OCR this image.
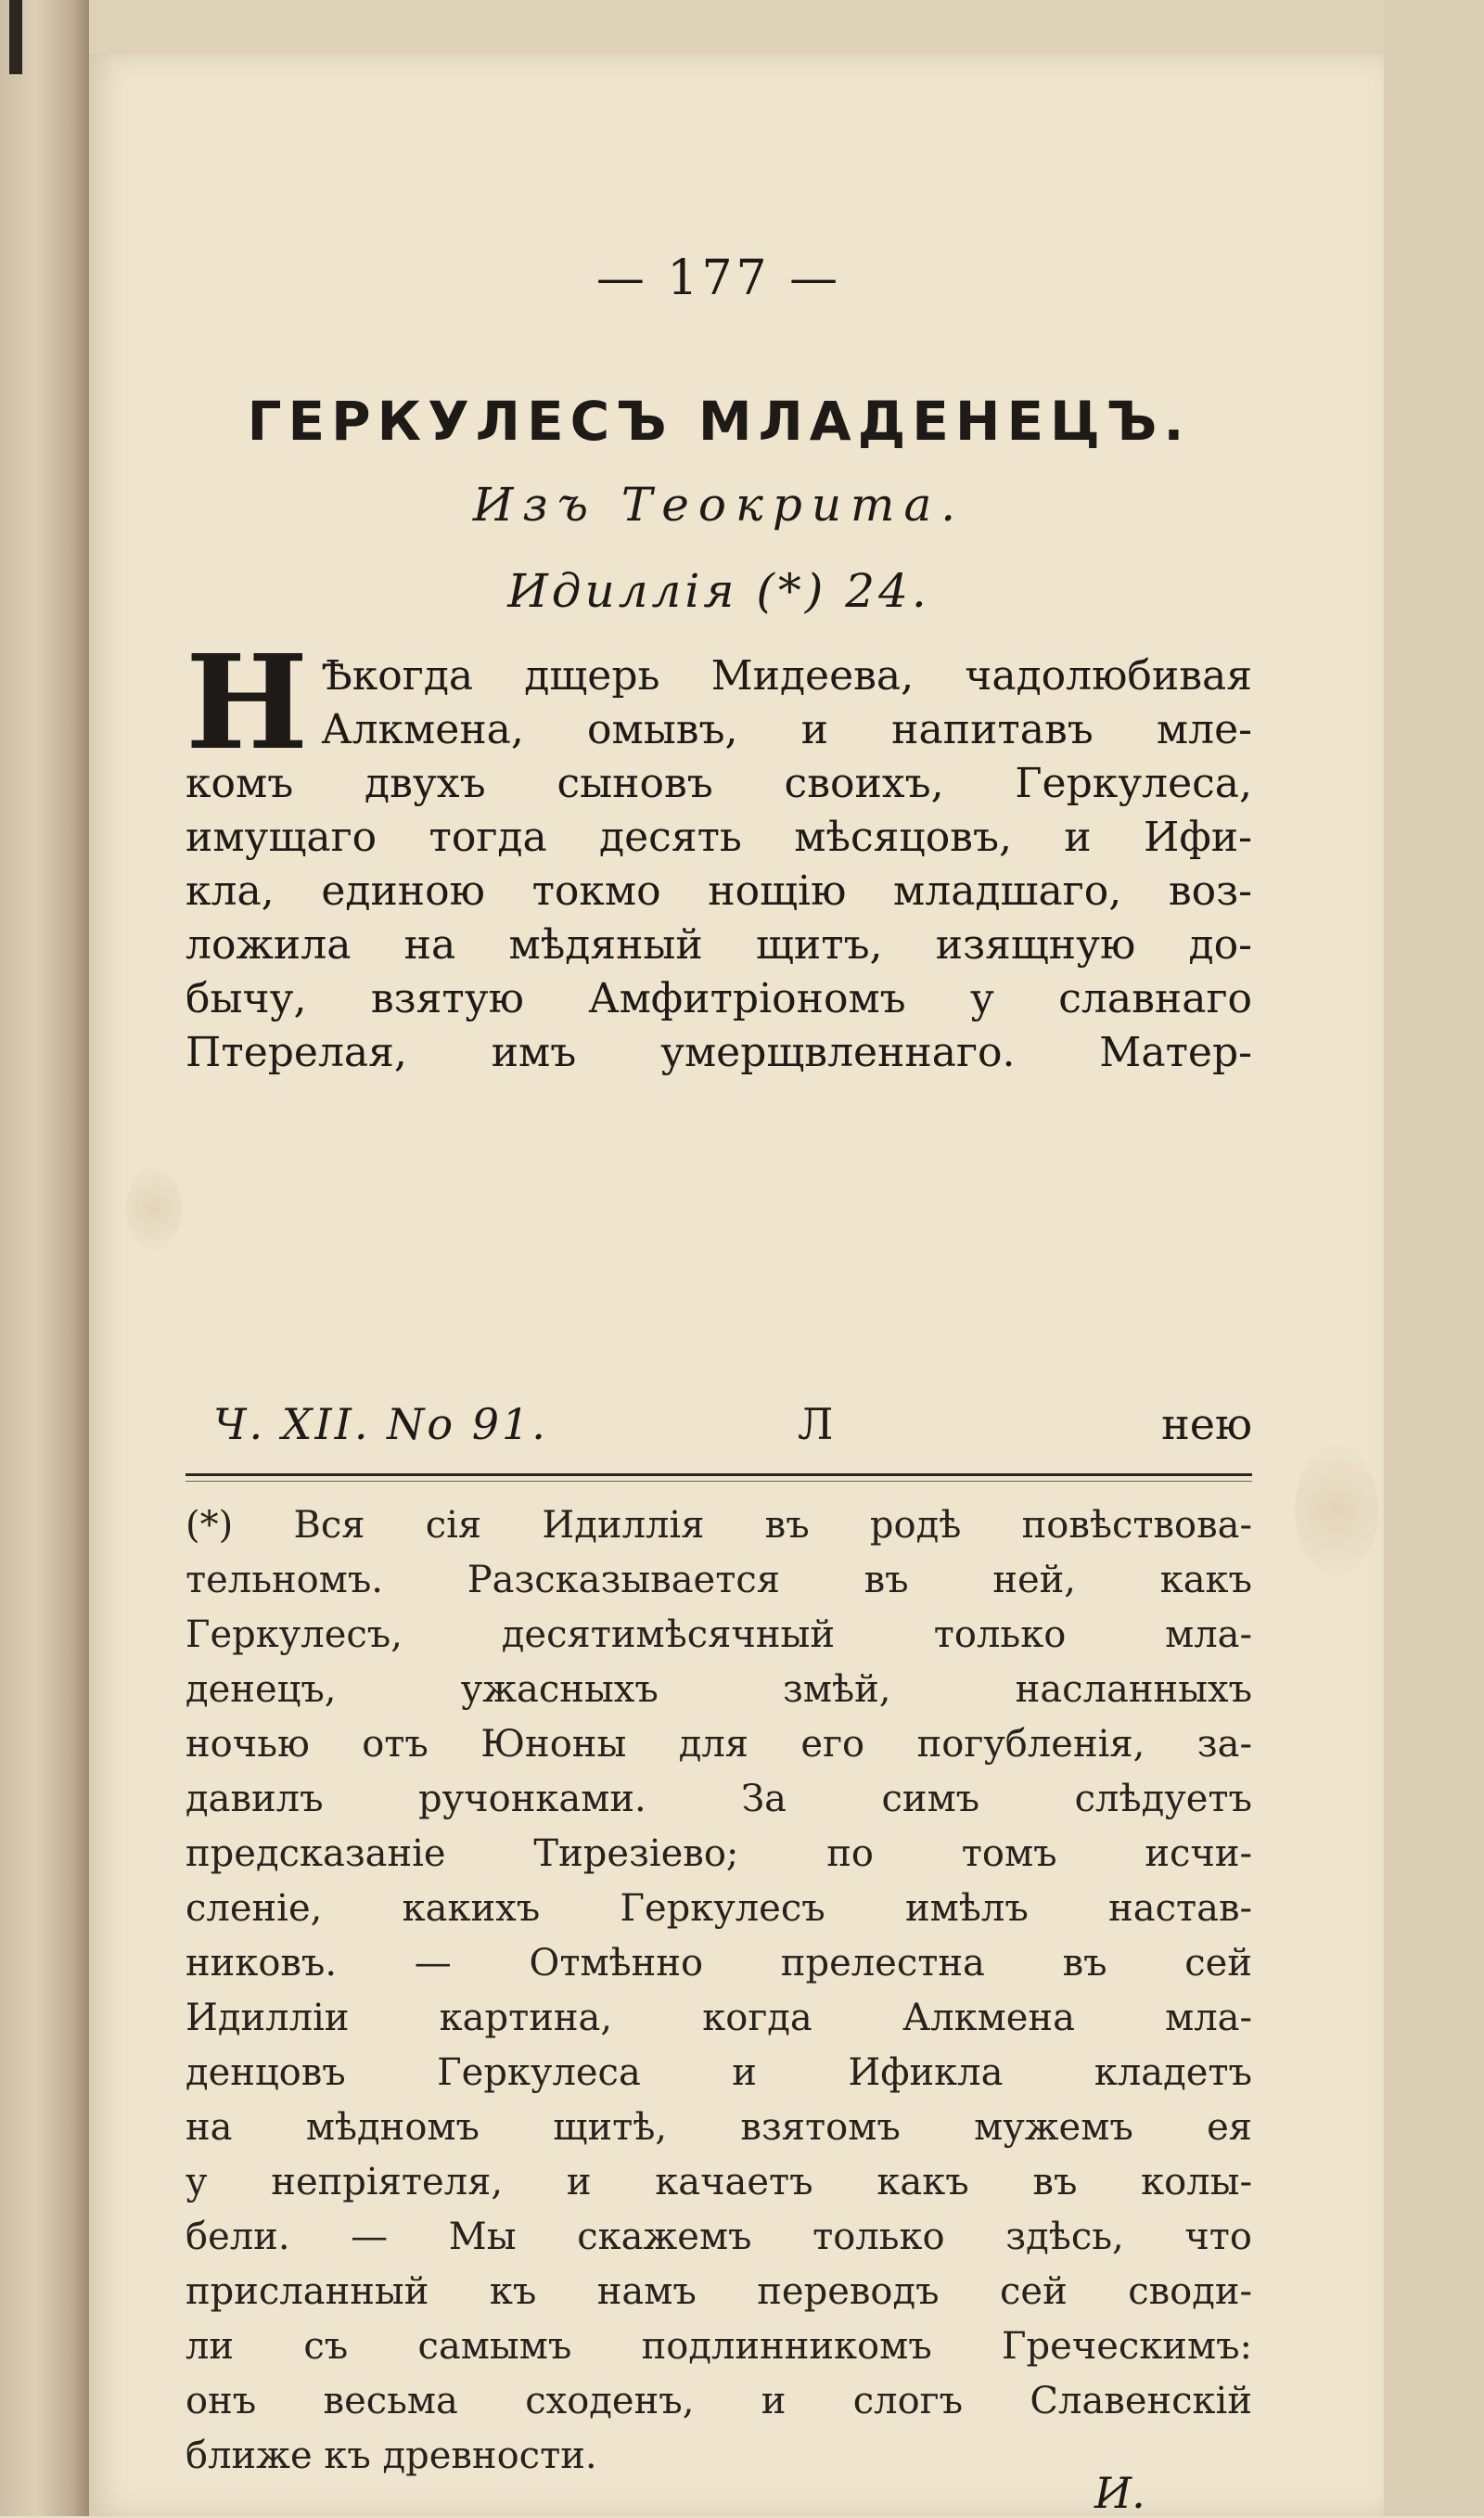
— 177 —
ГЕРКУЛЕСЪ МЛАДЕНЕЦЪ.
Изъ Теокрита.
Идиллія (*) 24.
Н Ѣкогда дщерь Мидеева, чадолюбивая
Алкмена, омывъ, и напитавъ мле-
комъ двухъ сыновъ своихъ, Геркулеса,
имущаго тогда десять мѣсяцовъ, и Ифи-
кла, единою токмо нощію младшаго, воз-
ложила на мѣдяный щитъ, изящную до-
бычу, взятую Амфитріономъ у славнаго
Птерелая, имъ умерщвленнаго. Матер-
Ч. XII. No 91.	Л	нею
(*) Вся сія Идиллія въ родѣ повѣствова-
тельномъ. Разсказывается въ ней, какъ
Геркулесъ, десятимѣсячный только мла-
денецъ, ужасныхъ змѣй, насланныхъ
ночью отъ Юноны для его погубленія, за-
давилъ ручонками. За симъ слѣдуетъ
предсказаніе Тирезіево; по томъ исчи-
сленіе, какихъ Геркулесъ имѣлъ настав-
никовъ. — Отмѣнно прелестна въ сей
Идилліи картина, когда Алкмена мла-
денцовъ Геркулеса и Ификла кладетъ
на мѣдномъ щитѣ, взятомъ мужемъ ея
у непріятеля, и качаетъ какъ въ колы-
бели. — Мы скажемъ только здѣсь, что
присланный къ намъ переводъ сей своди-
ли съ самымъ подлинникомъ Греческимъ:
онъ весьма сходенъ, и слогъ Славенскій
ближе къ древности.
И.
